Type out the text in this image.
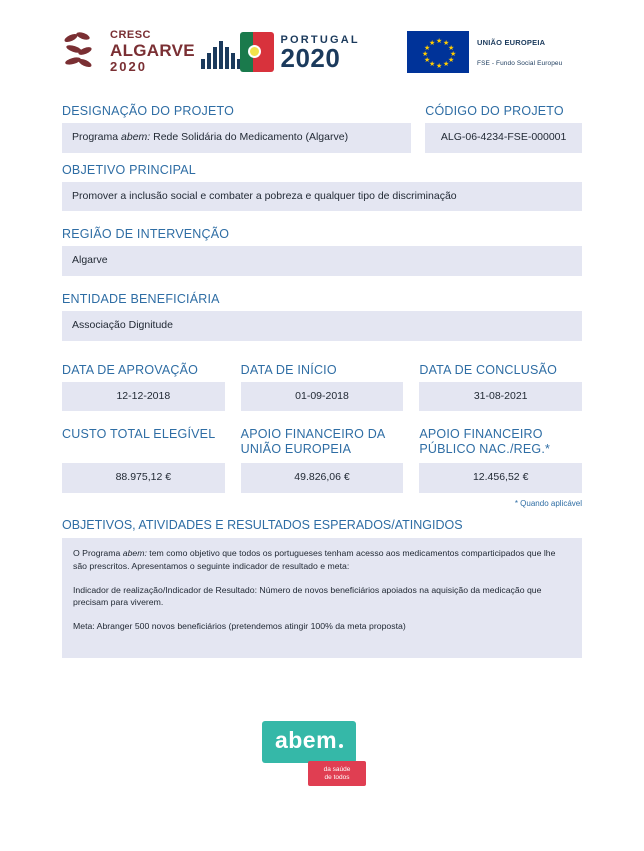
CRESC
ALGARVE
2020
PORTUGAL
2020
★
★ ★
★	★
★	★
★	★
★ ★
★
UNIÃO EUROPEIA
FSE - Fundo Social Europeu
DESIGNAÇÃO DO PROJETO
Programa abem: Rede Solidária do Medicamento (Algarve)
CÓDIGO DO PROJETO
ALG-06-4234-FSE-000001
OBJETIVO PRINCIPAL
Promover a inclusão social e combater a pobreza e qualquer tipo de discriminação
REGIÃO DE INTERVENÇÃO
Algarve
ENTIDADE BENEFICIÁRIA
Associação Dignitude
DATA DE APROVAÇÃO
12-12-2018
DATA DE INÍCIO
01-09-2018
DATA DE CONCLUSÃO
31-08-2021
CUSTO TOTAL ELEGÍVEL
88.975,12 €
APOIO FINANCEIRO DA UNIÃO EUROPEIA
49.826,06 €
APOIO FINANCEIRO PÚBLICO NAC./REG.*
12.456,52 €
* Quando aplicável
OBJETIVOS, ATIVIDADES E RESULTADOS ESPERADOS/ATINGIDOS

O Programa abem: tem como objetivo que todos os portugueses tenham acesso aos medicamentos comparticipados que lhe são prescritos. Apresentamos o seguinte indicador de resultado e meta:

Indicador de realização/Indicador de Resultado: Número de novos beneficiários apoiados na aquisição da medicação que precisam para viverem.

Meta: Abranger 500 novos beneficiários (pretendemos atingir 100% da meta proposta)

abem
da saúde
de todos
